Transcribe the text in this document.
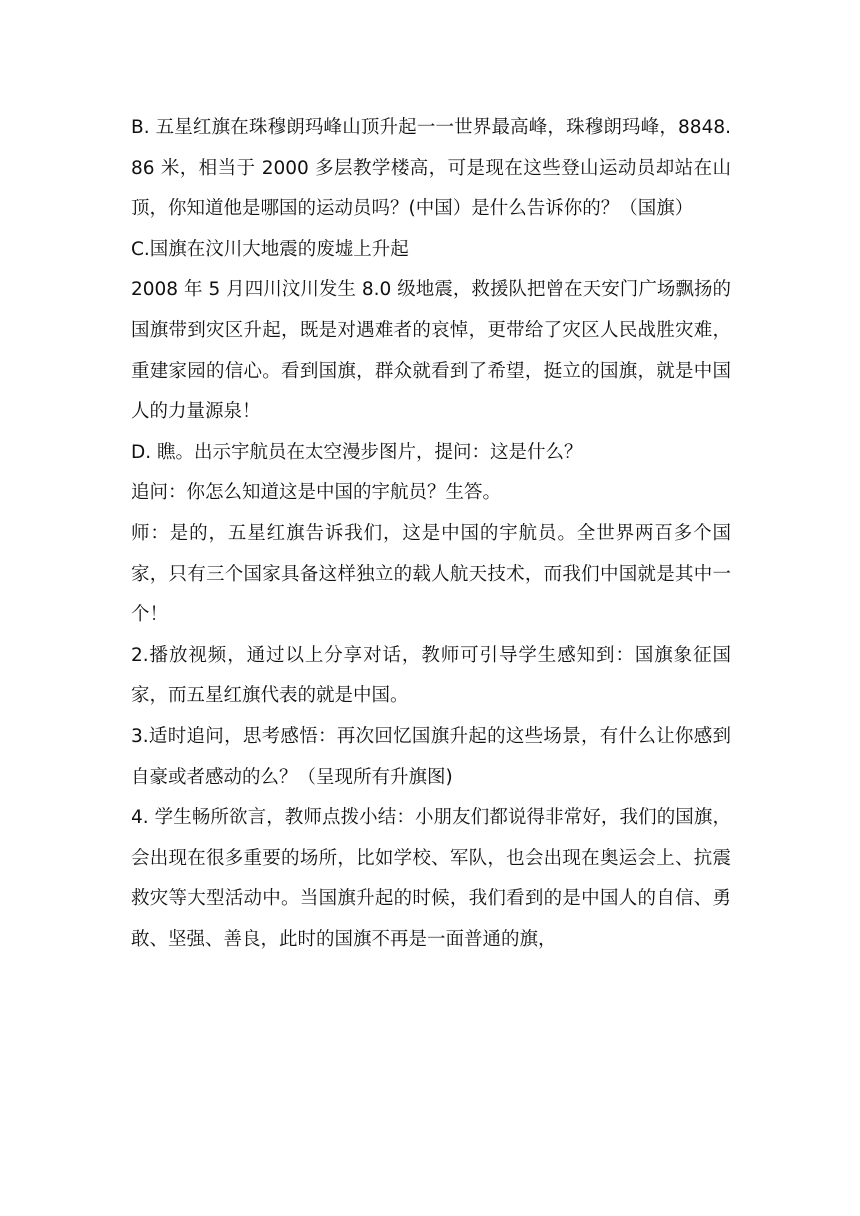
B. 五星红旗在珠穆朗玛峰山顶升起一一世界最高峰，珠穆朗玛峰，8848.86 米，相当于 2000 多层教学楼高，可是现在这些登山运动员却站在山顶，你知道他是哪国的运动员吗？(中国）是什么告诉你的？（国旗）

C.国旗在汶川大地震的废墟上升起

2008 年 5 月四川汶川发生 8.0 级地震，救援队把曾在天安门广场飘扬的国旗带到灾区升起，既是对遇难者的哀悼，更带给了灾区人民战胜灾难，重建家园的信心。看到国旗，群众就看到了希望，挺立的国旗，就是中国人的力量源泉！

D. 瞧。出示宇航员在太空漫步图片，提问：这是什么？

追问：你怎么知道这是中国的宇航员？生答。

师：是的，五星红旗告诉我们，这是中国的宇航员。全世界两百多个国家，只有三个国家具备这样独立的载人航天技术，而我们中国就是其中一个！

2.播放视频，通过以上分享对话，教师可引导学生感知到：国旗象征国家，而五星红旗代表的就是中国。

3.适时追问，思考感悟：再次回忆国旗升起的这些场景，有什么让你感到自豪或者感动的么？（呈现所有升旗图)

4. 学生畅所欲言，教师点拨小结：小朋友们都说得非常好，我们的国旗，会出现在很多重要的场所，比如学校、军队，也会出现在奥运会上、抗震救灾等大型活动中。当国旗升起的时候，我们看到的是中国人的自信、勇敢、坚强、善良，此时的国旗不再是一面普通的旗，
